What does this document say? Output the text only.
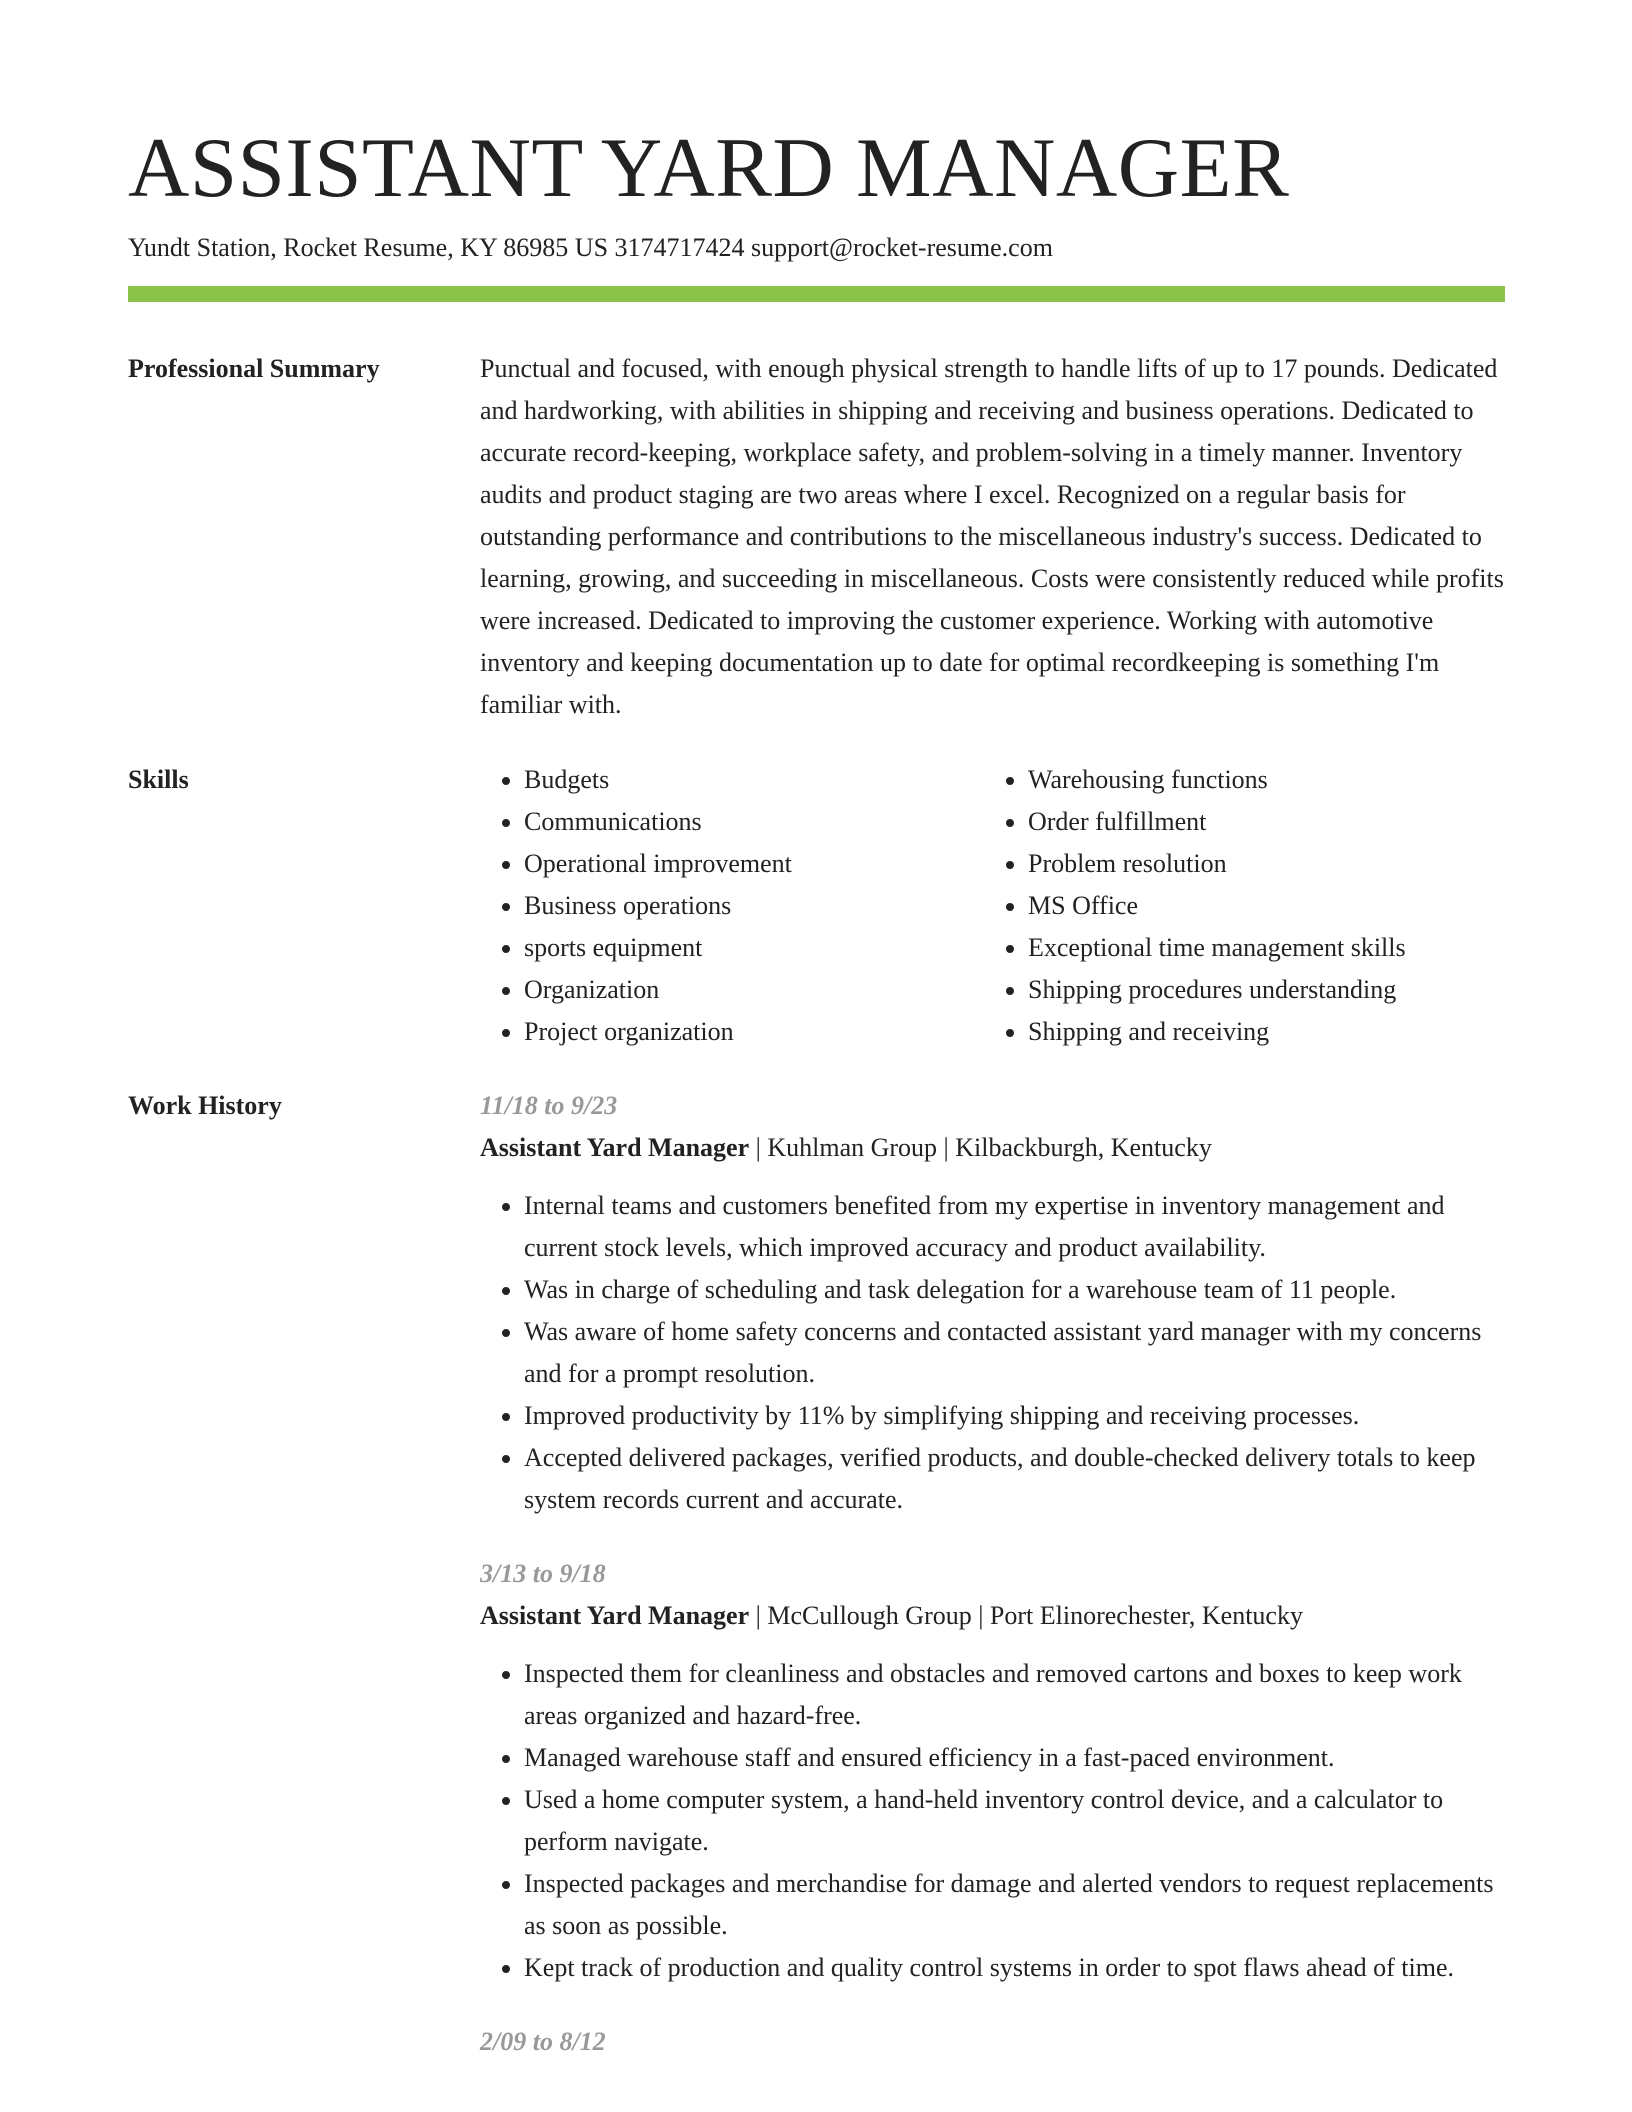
ASSISTANT YARD MANAGER
Yundt Station, Rocket Resume, KY 86985 US 3174717424 support@rocket-resume.com
Professional Summary	Punctual and focused, with enough physical strength to handle lifts of up to 17 pounds. Dedicated and hardworking, with abilities in shipping and receiving and business operations. Dedicated to accurate record-keeping, workplace safety, and problem-solving in a timely manner. Inventory audits and product staging are two areas where I excel. Recognized on a regular basis for outstanding performance and contributions to the miscellaneous industry's success. Dedicated to learning, growing, and succeeding in miscellaneous. Costs were consistently reduced while profits were increased. Dedicated to improving the customer experience. Working with automotive inventory and keeping documentation up to date for optimal recordkeeping is something I'm familiar with.

Skills
•	Budgets
• Communications
• Operational improvement
• Business operations
• sports equipment
• Organization
• Project organization
• Warehousing functions
• Order fulfillment
• Problem resolution
• MS Office
• Exceptional time management skills
• Shipping procedures understanding
• Shipping and receiving
Work History	11/18 to 9/23
Assistant Yard Manager | Kuhlman Group | Kilbackburgh, Kentucky
• Internal teams and customers benefited from my expertise in inventory management and current stock levels, which improved accuracy and product availability.
• Was in charge of scheduling and task delegation for a warehouse team of 11 people.
• Was aware of home safety concerns and contacted assistant yard manager with my concerns and for a prompt resolution.
• Improved productivity by 11% by simplifying shipping and receiving processes.
• Accepted delivered packages, verified products, and double-checked delivery totals to keep system records current and accurate.
3/13 to 9/18
Assistant Yard Manager | McCullough Group | Port Elinorechester, Kentucky
• Inspected them for cleanliness and obstacles and removed cartons and boxes to keep work areas organized and hazard-free.
• Managed warehouse staff and ensured efficiency in a fast-paced environment.
• Used a home computer system, a hand-held inventory control device, and a calculator to perform navigate.
• Inspected packages and merchandise for damage and alerted vendors to request replacements as soon as possible.
• Kept track of production and quality control systems in order to spot flaws ahead of time.
2/09 to 8/12
